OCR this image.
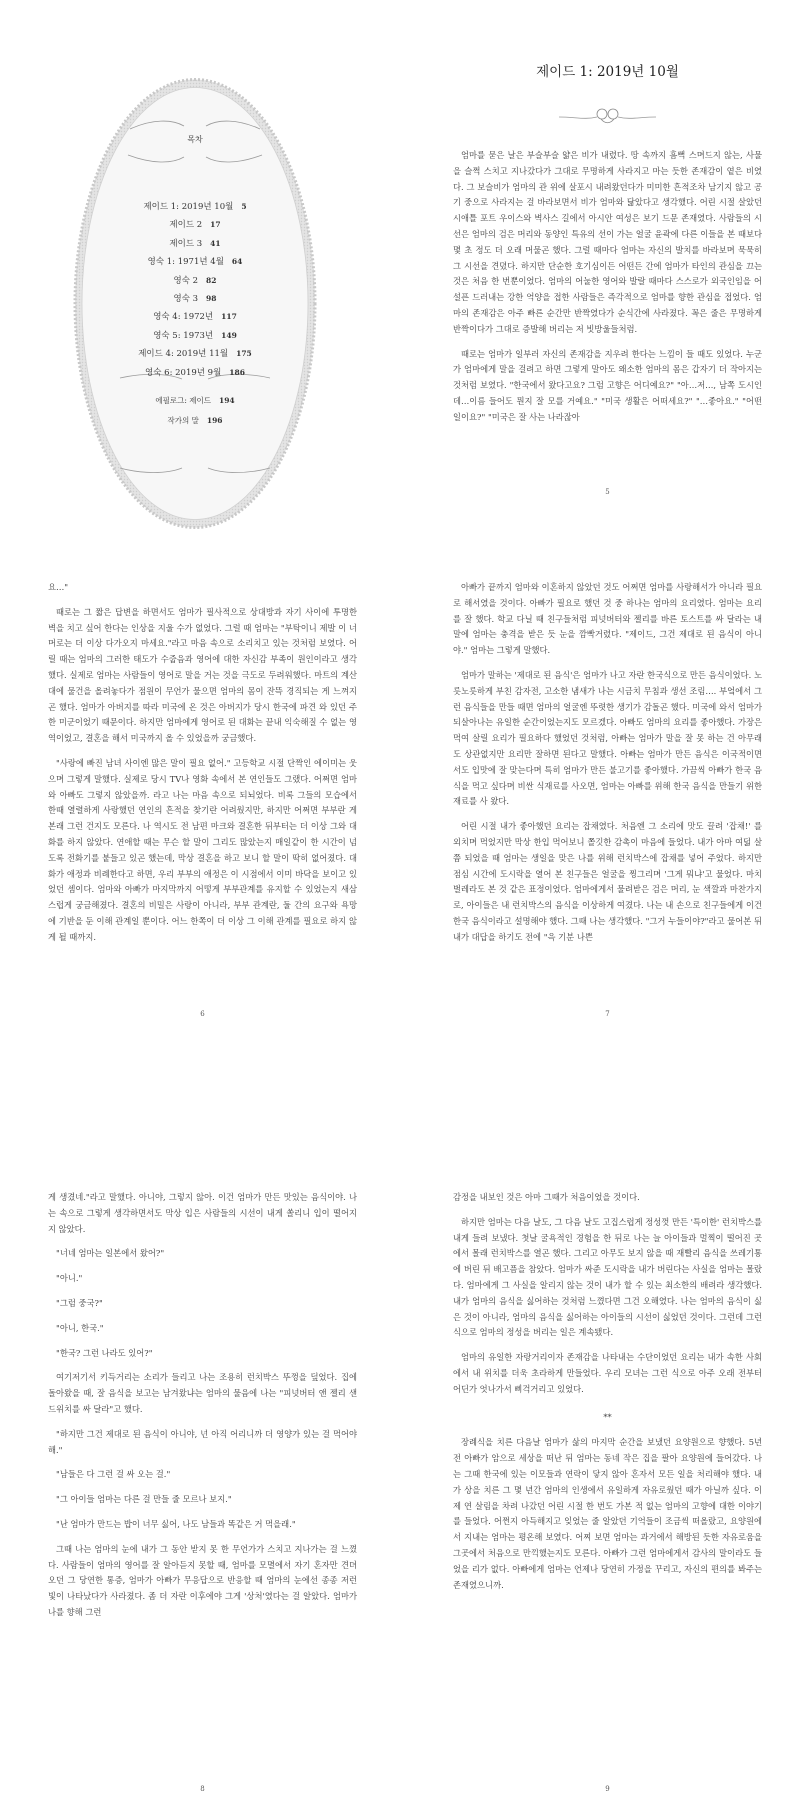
목차
제이드 1: 2019년 10월 5
제이드 2 17
제이드 3 41
영숙 1: 1971년 4월 64
영숙 2 82
영숙 3 98
영숙 4: 1972년 117
영숙 5: 1973년 149
제이드 4: 2019년 11월 175
영숙 6: 2019년 9월 186
에필로그: 제이드 194
작가의 말 196
제이드 1: 2019년 10월

엄마를 묻은 날은 부슬부슬 얇은 비가 내렸다. 땅 속까지 흠뻑 스며드지 않는, 사물을 슬쩍 스치고 지나갔다가 그대로 무명하게 사라지고 마는 듯한 존재감이 옅은 비였다. 그 보슬비가 엄마의 관 위에 살포시 내려왔던다가 미미한 흔적조차 남기지 않고 공기 중으로 사라지는 걸 바라보면서 비가 엄마와 닮았다고 생각했다. 어린 시절 살았던 시애틀 포트 우이스와 벽사스 길에서 아시안 여성은 보기 드문 존재였다. 사람들의 시선은 엄마의 검은 머리와 동양인 특유의 선이 가는 얼굴 윤곽에 다른 이들을 본 때보다 몇 초 정도 더 오래 머물곤 했다. 그럴 때마다 엄마는 자신의 발치를 바라보며 묵묵히 그 시선을 견뎠다. 하지만 단순한 호기심이든 어떤든 간에 엄마가 타인의 관심을 끄는 것은 처음 한 번뿐이었다. 엄마의 어눌한 영어와 발랄 때마다 스스로가 외국인임을 어설픈 드러내는 강한 억양을 접한 사람들은 즉각적으로 엄마를 향한 관심을 접었다. 엄마의 존재감은 아주 빠른 순간만 반짝였다가 순식간에 사라졌다. 꼭은 줄은 무명하게 반짝이다가 그대로 증발해 버리는 저 빗방울들처럼.

때로는 엄마가 일부러 자신의 존재감을 지우려 한다는 느낌이 들 때도 있었다. 누군가 엄마에게 말을 걸려고 하면 그렇게 말아도 왜소한 엄마의 몸은 갑자기 더 작아지는 것처럼 보였다. "한국에서 왔다고요? 그럼 고향은 어디예요?" "아…저…, 남쪽 도시인데…이름 들어도 뭔지 잘 모를 거예요." "미국 생활은 어떠세요?" "…좋아요." "어떤 일이요?" "미국은 잘 사는 나라잖아

5

요…"

때로는 그 짧은 답변을 하면서도 엄마가 필사적으로 상대방과 자기 사이에 투명한 벽을 치고 싶어 한다는 인상을 지울 수가 없었다. 그럴 때 엄마는 "부탁이니 제발 이 너머로는 더 이상 다가오지 마세요."라고 마음 속으로 소리치고 있는 것처럼 보였다. 어릴 때는 엄마의 그러한 태도가 수줍음과 영어에 대한 자신감 부족이 원인이라고 생각했다. 실제로 엄마는 사람들이 영어로 말을 거는 것을 극도로 두려워했다. 마트의 계산대에 물건을 올려놓다가 점원이 무언가 물으면 엄마의 몸이 잔뜩 경직되는 게 느껴지곤 했다. 엄마가 아버지를 따라 미국에 온 것은 아버지가 당시 한국에 파견 와 있던 주한 미군이었기 때문이다. 하지만 엄마에게 영어로 된 대화는 끝내 익숙해질 수 없는 영역이었고, 결혼을 해서 미국까지 올 수 있었을까 궁금했다.

"사랑에 빠진 남녀 사이엔 많은 말이 필요 없어." 고등학교 시절 단짝인 에이미는 웃으며 그렇게 말했다. 실제로 당시 TV나 영화 속에서 본 연인들도 그랬다. 어쩌면 엄마와 아빠도 그렇지 않았을까. 라고 나는 마음 속으로 되뇌었다. 비록 그들의 모습에서 한때 열렬하게 사랑했던 연인의 흔적을 찾기란 어려웠지만, 하지만 어쩌면 부부란 게 본래 그런 건지도 모른다. 나 역시도 전 남편 마크와 결혼한 뒤부터는 더 이상 그와 대화를 하지 않았다. 연애할 때는 무슨 할 말이 그리도 많았는지 매일같이 한 시간이 넘도록 전화기를 붙들고 있곤 했는데, 막상 결혼을 하고 보니 할 말이 딱히 없어졌다. 대화가 애정과 비례한다고 하면, 우리 부부의 애정은 이 시점에서 이미 바닥을 보이고 있었던 셈이다. 엄마와 아빠가 마지막까지 어떻게 부부관계를 유지할 수 있었는지 새삼스럽게 궁금해졌다. 결혼의 비밀은 사랑이 아니라, 부부 관계란, 둘 간의 요구와 욕망에 기반을 둔 이해 관계일 뿐이다. 어느 한쪽이 더 이상 그 이해 관계를 필요로 하지 않게 될 때까지.

6

아빠가 끝까지 엄마와 이혼하지 않았던 것도 어쩌면 엄마를 사랑해서가 아니라 필요로 해서였을 것이다. 아빠가 필요로 했던 것 중 하나는 엄마의 요리였다. 엄마는 요리를 잘 했다. 학교 다닐 때 친구들처럼 피넛버터와 젤리를 바른 토스트를 싸 달라는 내 말에 엄마는 충격을 받은 듯 눈을 깜빡거렸다. "제이드, 그건 제대로 된 음식이 아니야." 엄마는 그렇게 말했다.

엄마가 말하는 '제대로 된 음식'은 엄마가 나고 자란 한국식으로 만든 음식이었다. 노릇노릇하게 부친 감자전, 고소한 냄새가 나는 시금치 무침과 생선 조림…. 부엌에서 그런 음식들을 만들 때면 엄마의 얼굴엔 뚜렷한 생기가 감돌곤 했다. 미국에 와서 엄마가 되살아나는 유일한 순간이었는지도 모르겠다. 아빠도 엄마의 요리를 좋아했다. 가장은 먹여 살릴 요리가 필요하다 했었던 것처럼, 아빠는 엄마가 말을 잘 못 하는 건 아무래도 상관없지만 요리만 잘하면 된다고 말했다. 아빠는 엄마가 만든 음식은 이국적이면서도 입맛에 잘 맞는다며 특히 엄마가 만든 불고기를 좋아했다. 가끔씩 아빠가 한국 음식을 먹고 싶다며 비싼 식재료를 사오면, 엄마는 아빠를 위해 한국 음식을 만들기 위한 재료를 사 왔다.

어린 시절 내가 좋아했던 요리는 잡채였다. 처음엔 그 소리에 맛도 끌려 '잡채!' 를 외치며 먹었지만 막상 한입 먹어보니 쫄깃한 감촉이 마음에 들었다. 내가 아마 여덟 살쯤 되었을 때 엄마는 생일을 맞은 나를 위해 런치박스에 잡채를 넣어 주었다. 하지만 점심 시간에 도시락을 열어 본 친구들은 얼굴을 찡그리며 '그게 뭐냐'고 물었다. 마치 벌레라도 본 것 같은 표정이었다. 엄마에게서 물려받은 검은 머리, 눈 색깔과 마찬가지로, 아이들은 내 런치박스의 음식을 이상하게 여겼다. 나는 내 손으로 친구들에게 이건 한국 음식이라고 설명해야 했다. 그때 나는 생각했다. "그거 누들이야?"라고 물어본 뒤 내가 대답을 하기도 전에 "윽 기분 나쁜

7

게 생겼네."라고 말했다. 아니야, 그렇지 않아. 이건 엄마가 만든 맛있는 음식이야. 나는 속으로 그렇게 생각하면서도 막상 입은 사람들의 시선이 내게 쏠리니 입이 떨어지지 않았다.

"너네 엄마는 일본에서 왔어?"

"아니."

"그럼 중국?"

"아니, 한국."

"한국? 그런 나라도 있어?"

여기저기서 키득거리는 소리가 들리고 나는 조용히 런치박스 뚜껑을 덮었다. 집에 돌아왔을 때, 잘 음식을 보고는 남겨왔냐는 엄마의 물음에 나는 "피넛버터 앤 젤리 샌드위치를 싸 달라"고 했다.

"하지만 그건 제대로 된 음식이 아니야, 넌 아직 어리니까 더 영양가 있는 걸 먹어야 해."

"남들은 다 그런 걸 싸 오는 걸."

"그 아이들 엄마는 다른 걸 만들 줄 모르나 보지."

"난 엄마가 만드는 밥이 너무 싫어, 나도 남들과 똑같은 거 먹을래."

그때 나는 엄마의 눈에 내가 그 동안 받지 못 한 무언가가 스치고 지나가는 걸 느꼈다. 사람들이 엄마의 영어를 잘 알아듣지 못할 때, 엄마를 모멸에서 자기 혼자만 견뎌오던 그 당연한 통증, 엄마가 아빠가 무응답으로 반응할 때 엄마의 눈에선 종종 저런 빛이 나타났다가 사라졌다. 좀 더 자란 이후에야 그게 '상처'였다는 걸 알았다. 엄마가 나를 향해 그런

8

감정을 내보인 것은 아마 그때가 처음이었을 것이다.

하지만 엄마는 다음 날도, 그 다음 날도 고집스럽게 정성껏 만든 '특이한' 런치박스를 내게 들려 보냈다. 첫날 굴욕적인 경험을 한 뒤로 나는 늘 아이들과 멀찍이 떨어진 곳에서 몰래 런치박스를 열곤 했다. 그리고 아무도 보지 않을 때 재빨리 음식을 쓰레기통에 버린 뒤 배고픔을 참았다. 엄마가 싸준 도시락을 내가 버린다는 사실을 엄마는 몰랐다. 엄마에게 그 사실을 알리지 않는 것이 내가 할 수 있는 최소한의 배려라 생각했다. 내가 엄마의 음식을 싫어하는 것처럼 느꼈다면 그건 오해였다. 나는 엄마의 음식이 싫은 것이 아니라, 엄마의 음식을 싫어하는 아이들의 시선이 싫었던 것이다. 그런데 그런 식으로 엄마의 정성을 버리는 일은 계속됐다.

엄마의 유일한 자랑거리이자 존재감을 나타내는 수단이었던 요리는 내가 속한 사회에서 내 위치를 더욱 초라하게 만들었다. 우리 모녀는 그런 식으로 아주 오래 전부터 어딘가 엇나가서 삐걱거리고 있었다.

**

장례식을 치른 다음날 엄마가 삶의 마지막 순간을 보냈던 요양원으로 향했다. 5년 전 아빠가 암으로 세상을 떠난 뒤 엄마는 동네 작은 집을 팔아 요양원에 들어갔다. 나는 그때 한국에 있는 이모들과 연락이 닿지 않아 혼자서 모든 일을 처리해야 했다. 내가 상을 치른 그 몇 년간 엄마의 인생에서 유일하게 자유로웠던 때가 아닐까 싶다. 이제 연 살림을 차려 나갔던 어린 시절 한 번도 가본 적 없는 엄마의 고향에 대한 이야기를 들었다. 어쩐지 아득해지고 잊었는 줄 알았던 기억들이 조금씩 떠올랐고, 요양원에서 지내는 엄마는 평온해 보였다. 어찌 보면 엄마는 과거에서 해방된 듯한 자유로움을 그곳에서 처음으로 만끽했는지도 모른다. 아빠가 그런 엄마에게서 감사의 말이라도 들었을 리가 없다. 아빠에게 엄마는 언제나 당연히 가정을 꾸리고, 자신의 편의를 봐주는 존재였으니까.

9
